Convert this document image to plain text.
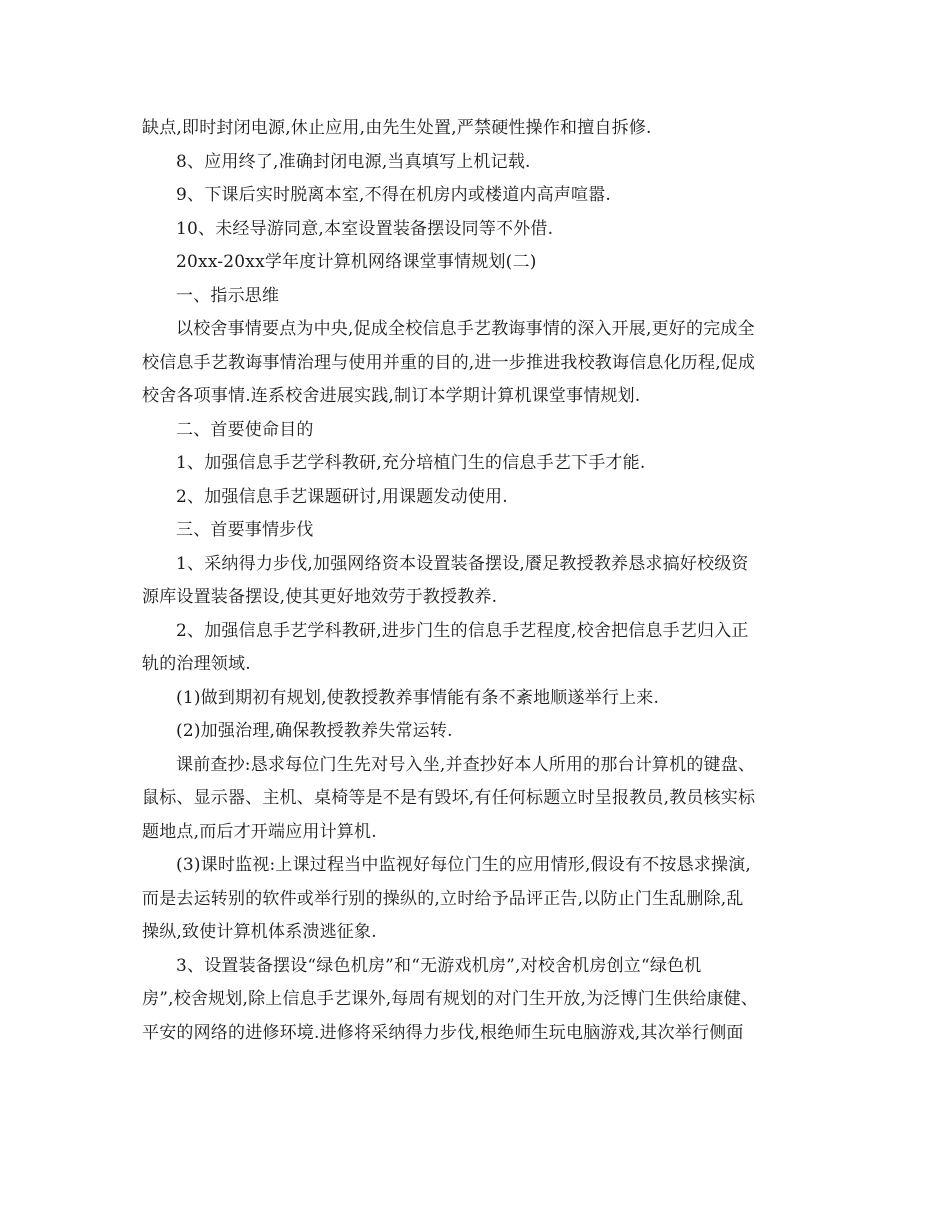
缺点,即时封闭电源,休止应用,由先生处置,严禁硬性操作和擅自拆修.
8、应用终了,准确封闭电源,当真填写上机记载.
9、下课后实时脱离本室,不得在机房内或楼道内高声喧嚣.
10、未经导游同意,本室设置装备摆设同等不外借.
20xx-20xx学年度计算机网络课堂事情规划(二)
一、指示思维
以校舍事情要点为中央,促成全校信息手艺教诲事情的深入开展,更好的完成全
校信息手艺教诲事情治理与使用并重的目的,进一步推进我校教诲信息化历程,促成
校舍各项事情.连系校舍进展实践,制订本学期计算机课堂事情规划.
二、首要使命目的
1、加强信息手艺学科教研,充分培植门生的信息手艺下手才能.
2、加强信息手艺课题研讨,用课题发动使用.
三、首要事情步伐
1、采纳得力步伐,加强网络资本设置装备摆设,餍足教授教养恳求搞好校级资
源库设置装备摆设,使其更好地效劳于教授教养.
2、加强信息手艺学科教研,进步门生的信息手艺程度,校舍把信息手艺归入正
轨的治理领域.
(1)做到期初有规划,使教授教养事情能有条不紊地顺遂举行上来.
(2)加强治理,确保教授教养失常运转.
课前查抄:恳求每位门生先对号入坐,并查抄好本人所用的那台计算机的键盘、
鼠标、显示器、主机、桌椅等是不是有毁坏,有任何标题立时呈报教员,教员核实标
题地点,而后才开端应用计算机.
(3)课时监视:上课过程当中监视好每位门生的应用情形,假设有不按恳求操演,
而是去运转别的软件或举行别的操纵的,立时给予品评正告,以防止门生乱删除,乱
操纵,致使计算机体系溃逃征象.
3、设置装备摆设“绿色机房”和“无游戏机房”,对校舍机房创立“绿色机
房”,校舍规划,除上信息手艺课外,每周有规划的对门生开放,为泛博门生供给康健、
平安的网络的进修环境.进修将采纳得力步伐,根绝师生玩电脑游戏,其次举行侧面
